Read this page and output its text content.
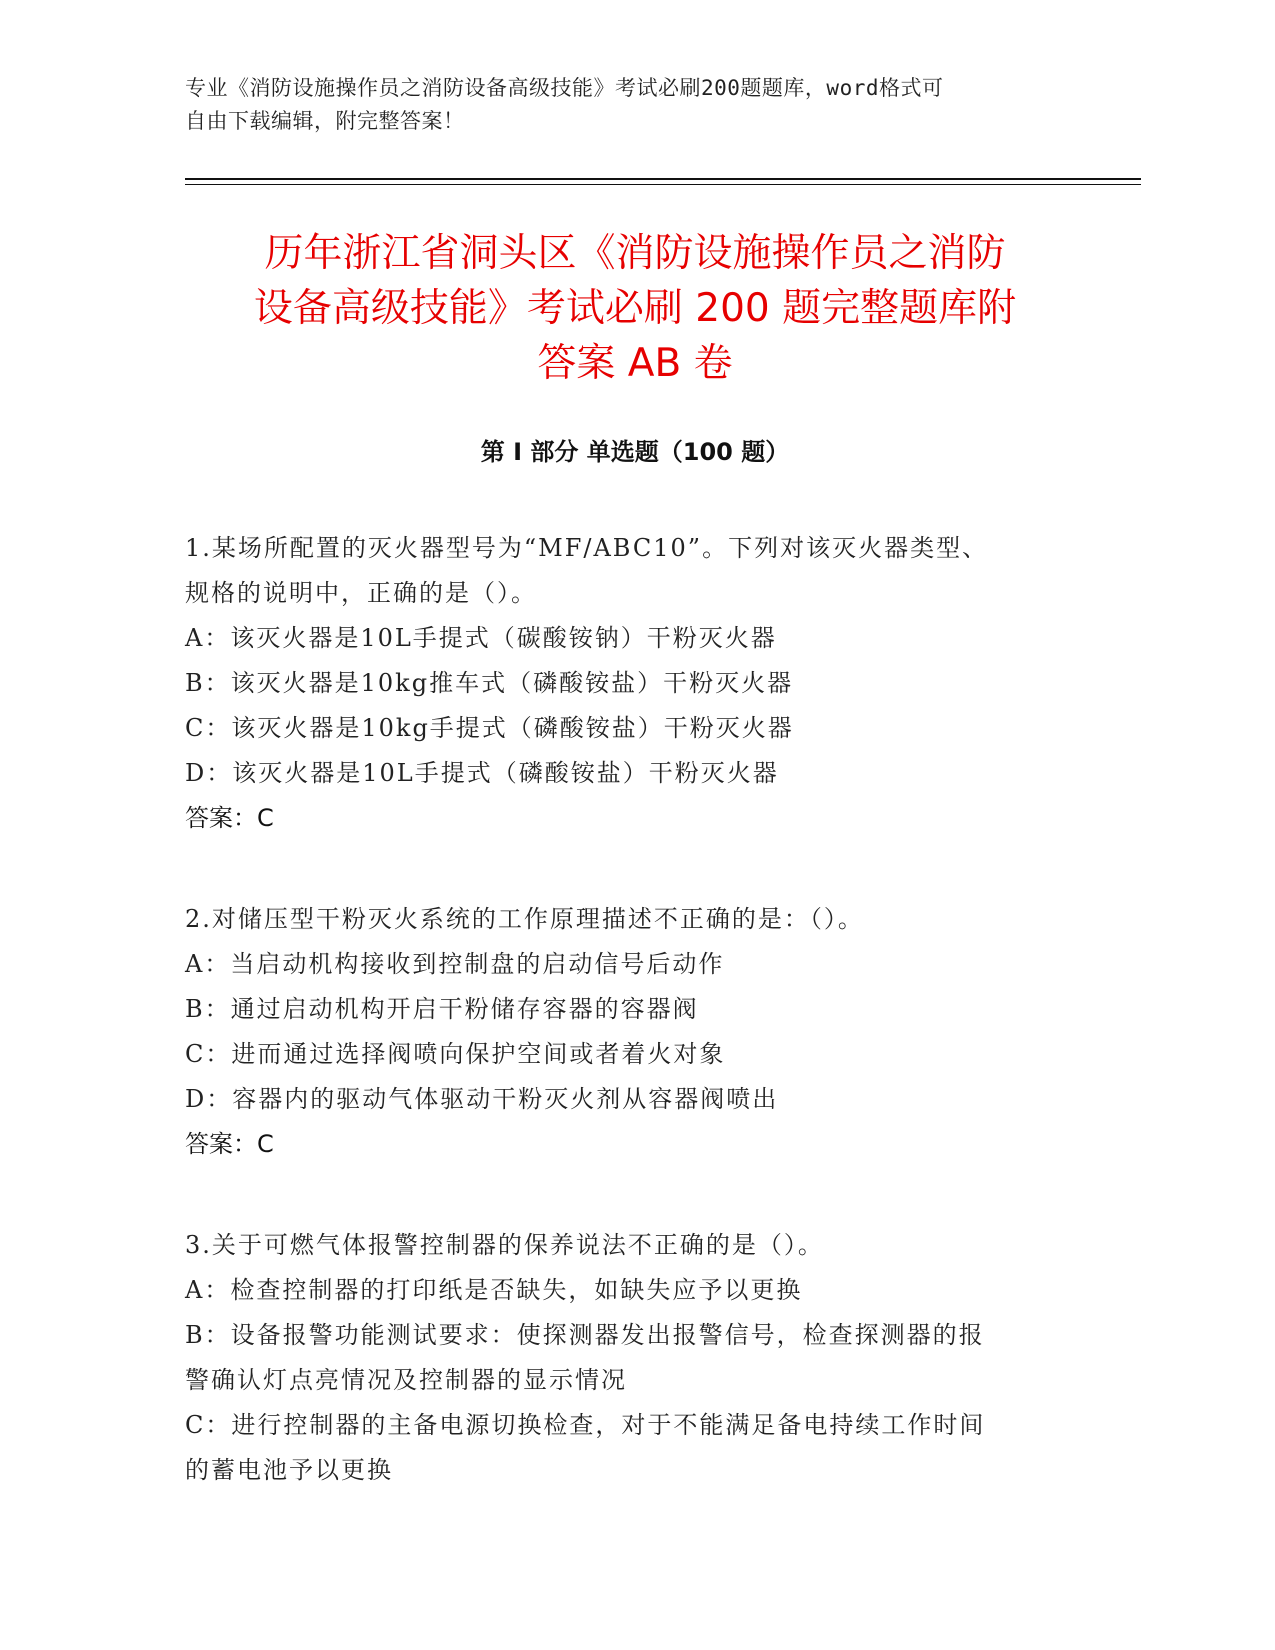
专业《消防设施操作员之消防设备高级技能》考试必刷200题题库，word格式可
自由下载编辑，附完整答案！
历年浙江省洞头区《消防设施操作员之消防
设备高级技能》考试必刷 200 题完整题库附
答案 AB 卷
第 I 部分 单选题（100 题）

1.某场所配置的灭火器型号为“MF/ABC10”。下列对该灭火器类型、

规格的说明中，正确的是（）。

A：该灭火器是10L手提式（碳酸铵钠）干粉灭火器

B：该灭火器是10kg推车式（磷酸铵盐）干粉灭火器

C：该灭火器是10kg手提式（磷酸铵盐）干粉灭火器

D：该灭火器是10L手提式（磷酸铵盐）干粉灭火器

答案：C

2.对储压型干粉灭火系统的工作原理描述不正确的是：（）。

A：当启动机构接收到控制盘的启动信号后动作

B：通过启动机构开启干粉储存容器的容器阀

C：进而通过选择阀喷向保护空间或者着火对象

D：容器内的驱动气体驱动干粉灭火剂从容器阀喷出

答案：C

3.关于可燃气体报警控制器的保养说法不正确的是（）。

A：检查控制器的打印纸是否缺失，如缺失应予以更换

B：设备报警功能测试要求：使探测器发出报警信号，检查探测器的报

警确认灯点亮情况及控制器的显示情况

C：进行控制器的主备电源切换检查，对于不能满足备电持续工作时间

的蓄电池予以更换
